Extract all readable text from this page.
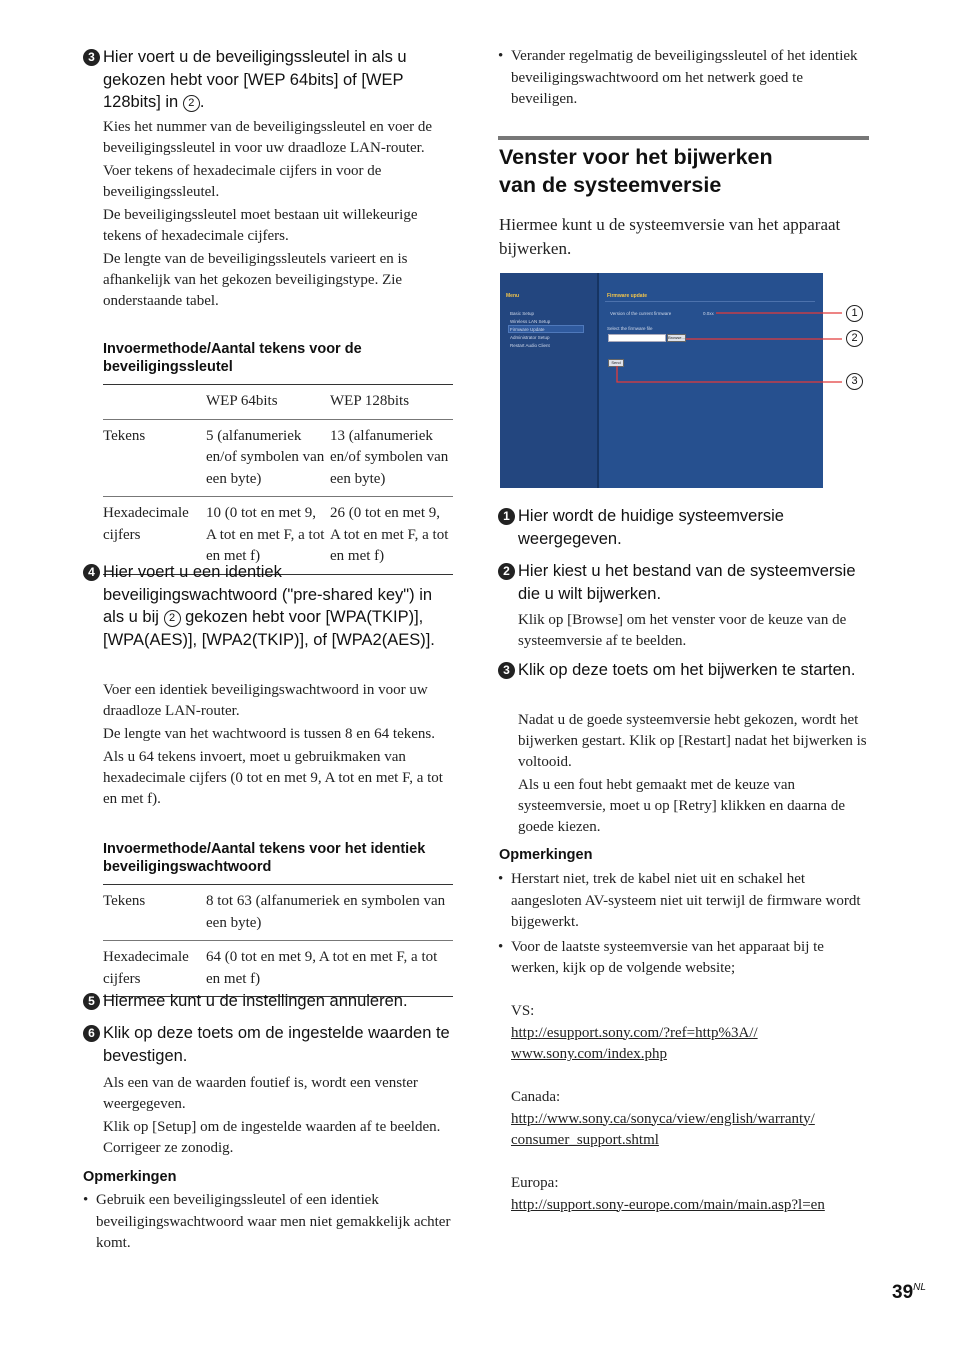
3 Hier voert u de beveiligingssleutel in als u gekozen hebt voor [WEP 64bits] of [WEP 128bits] in 2 .

Kies het nummer van de beveiligingssleutel en voer de beveiligingssleutel in voor uw draadloze LAN-router.

Voer tekens of hexadecimale cijfers in voor de beveiligingssleutel.

De beveiligingssleutel moet bestaan uit willekeurige tekens of hexadecimale cijfers.

De lengte van de beveiligingssleutels varieert en is afhankelijk van het gekozen beveiligingstype. Zie onderstaande tabel.

Invoermethode/Aantal tekens voor de beveiligingssleutel
	WEP 64bits	WEP 128bits
Tekens	5 (alfanumeriek en/of symbolen van een byte)	13 (alfanumeriek en/of symbolen van een byte)
Hexadecimale cijfers	10 (0 tot en met 9, A tot en met F, a tot en met f)	26 (0 tot en met 9, A tot en met F, a tot en met f)
4 Hier voert u een identiek beveiligingswachtwoord ("pre-shared key") in als u bij 2 gekozen hebt voor [WPA(TKIP)], [WPA(AES)], [WPA2(TKIP)], of [WPA2(AES)].

Voer een identiek beveiligingswachtwoord in voor uw draadloze LAN-router.

De lengte van het wachtwoord is tussen 8 en 64 tekens.

Als u 64 tekens invoert, moet u gebruikmaken van hexadecimale cijfers (0 tot en met 9, A tot en met F, a tot en met f).

Invoermethode/Aantal tekens voor het identiek beveiligingswachtwoord
Tekens	8 tot 63 (alfanumeriek en symbolen van een byte)
Hexadecimale cijfers	64 (0 tot en met 9, A tot en met F, a tot en met f)
5 Hiermee kunt u de instellingen annuleren.
6 Klik op deze toets om de ingestelde waarden te bevestigen.

Als een van de waarden foutief is, wordt een venster weergegeven.

Klik op [Setup] om de ingestelde waarden af te beelden. Corrigeer ze zonodig.

Opmerkingen
• Gebruik een beveiligingssleutel of een identiek beveiligingswachtwoord waar men niet gemakkelijk achter komt.
• Verander regelmatig de beveiligingssleutel of het identiek beveiligingswachtwoord om het netwerk goed te beveiligen.
Venster voor het bijwerken
van de systeemversie
Hiermee kunt u de systeemversie van het apparaat bijwerken.
Menu
Basic Setup
Wireless LAN Setup
Firmware Update
Administrator Setup
Restart Audio Client
Firmware update
Version of the current firmware	0.0xx
Select the firmware file
Browse...
Send
1
2
3
1 Hier wordt de huidige systeemversie weergegeven.
2 Hier kiest u het bestand van de systeemversie die u wilt bijwerken.

Klik op [Browse] om het venster voor de keuze van de systeemversie af te beelden.

3 Klik op deze toets om het bijwerken te starten.

Nadat u de goede systeemversie hebt gekozen, wordt het bijwerken gestart. Klik op [Restart] nadat het bijwerken is voltooid.

Als u een fout hebt gemaakt met de keuze van systeemversie, moet u op [Retry] klikken en daarna de goede kiezen.

Opmerkingen
• Herstart niet, trek de kabel niet uit en schakel het aangesloten AV-systeem niet uit terwijl de firmware wordt bijgewerkt.
• Voor de laatste systeemversie van het apparaat bij te werken, kijk op de volgende website;
VS:
http://esupport.sony.com/?ref=http%3A//
www.sony.com/index.php
Canada:
http://www.sony.ca/sonyca/view/english/warranty/
consumer_support.shtml
Europa:
http://support.sony-europe.com/main/main.asp?l=en
$39^{NL}$
